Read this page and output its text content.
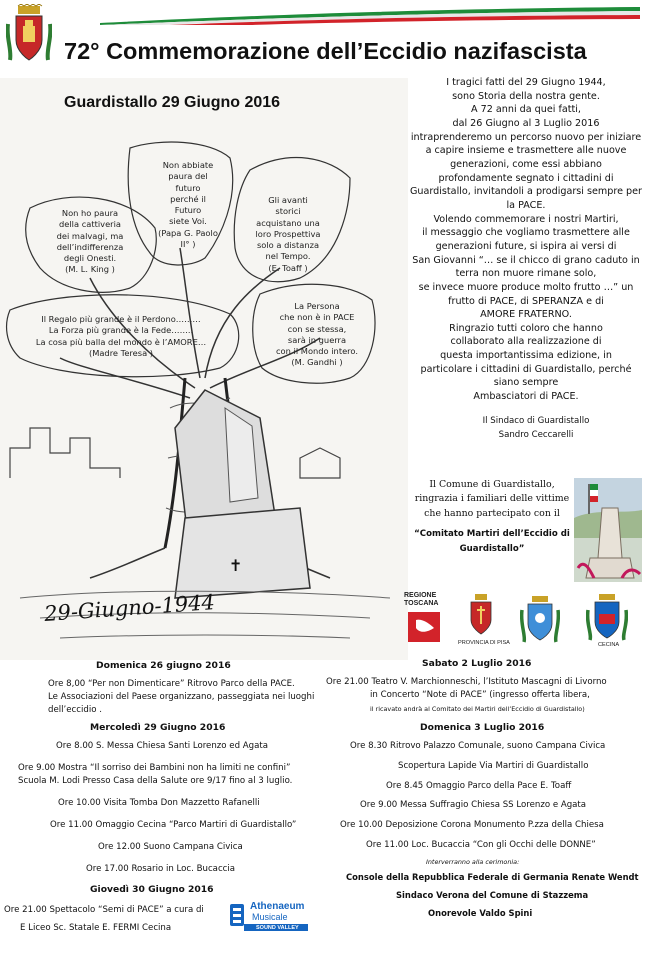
72° Commemorazione dell’Eccidio nazifascista
Non abbiate
paura del
futuro
perché il
Futuro
siete Voi.
(Papa G. Paolo
II° )
Non ho paura
della cattiveria
dei malvagi, ma
dell’indifferenza
degli Onesti.
(M. L. King )
Gli avanti
storici
acquistano una
loro Prospettiva
solo a distanza
nel Tempo.
(E. Toaff )
Il Regalo più grande è il Perdono………
La Forza più grande è la Fede……..
La cosa più balla del mondo è l’AMORE…
(Madre Teresa )
La Persona
che non è in PACE
con se stessa,
sarà in guerra
con il Mondo intero.
(M. Gandhi )
✝
Guardistallo 29 Giugno 2016
29-Giugno-1944
I tragici fatti del 29 Giugno 1944,
sono Storia della nostra gente.
A 72 anni da quei fatti,
dal 26 Giugno al 3 Luglio 2016
intraprenderemo un percorso nuovo per iniziare
a capire insieme e trasmettere alle nuove
generazioni, come essi abbiano
profondamente segnato i cittadini di
Guardistallo, invitandoli a prodigarsi sempre per
la PACE.
Volendo commemorare i nostri Martiri,
il messaggio che vogliamo trasmettere alle
generazioni future, si ispira ai versi di
San Giovanni “… se il chicco di grano caduto in
terra non muore rimane solo,
se invece muore produce molto frutto …” un
frutto di PACE, di SPERANZA e di
AMORE FRATERNO.
Ringrazio tutti coloro che hanno
collaborato alla realizzazione di
questa importantissima edizione, in
particolare i cittadini di Guardistallo, perché
siano sempre
Ambasciatori di PACE.
Il Sindaco di Guardistallo
Sandro Ceccarelli
Il Comune di Guardistallo,
ringrazia i familiari delle vittime
che hanno partecipato con il
“Comitato Martiri dell’Eccidio di Guardistallo”
REGIONE
TOSCANA
PROVINCIA DI PISA	CECINA
Domenica 26 giugno 2016
Ore 8,00 “Per non Dimenticare” Ritrovo Parco della PACE.
Le Associazioni del Paese organizzano, passeggiata nei luoghi
dell’eccidio .
Mercoledì 29 Giugno 2016
Ore 8.00 S. Messa Chiesa Santi Lorenzo ed Agata
Ore 9.00 Mostra “Il sorriso dei Bambini non ha limiti ne confini”
Scuola M. Lodi Presso Casa della Salute ore 9/17 fino al 3 luglio.
Ore 10.00 Visita Tomba Don Mazzetto Rafanelli
Ore 11.00 Omaggio Cecina “Parco Martiri di Guardistallo”
Ore 12.00 Suono Campana Civica
Ore 17.00 Rosario in Loc. Bucaccia
Giovedì 30 Giugno 2016
Ore 21.00 Spettacolo “Semi di PACE” a cura di
E Liceo Sc. Statale E. FERMI Cecina
Athenaeum
Musicale
SOUND VALLEY
Sabato 2 Luglio 2016
Ore 21.00 Teatro V. Marchionneschi, l’Istituto Mascagni di Livorno
in Concerto “Note di PACE” (ingresso offerta libera,
il ricavato andrà al Comitato dei Martiri dell’Eccidio di Guardistallo)
Domenica 3 Luglio 2016
Ore 8.30 Ritrovo Palazzo Comunale, suono Campana Civica
Scopertura Lapide Via Martiri di Guardistallo
Ore 8.45 Omaggio Parco della Pace E. Toaff
Ore 9.00 Messa Suffragio Chiesa SS Lorenzo e Agata
Ore 10.00 Deposizione Corona Monumento P.zza della Chiesa
Ore 11.00 Loc. Bucaccia “Con gli Occhi delle DONNE”
Interverranno alla cerimonia:
Console della Repubblica Federale di Germania Renate Wendt
Sindaco Verona del Comune di Stazzema
Onorevole Valdo Spini
